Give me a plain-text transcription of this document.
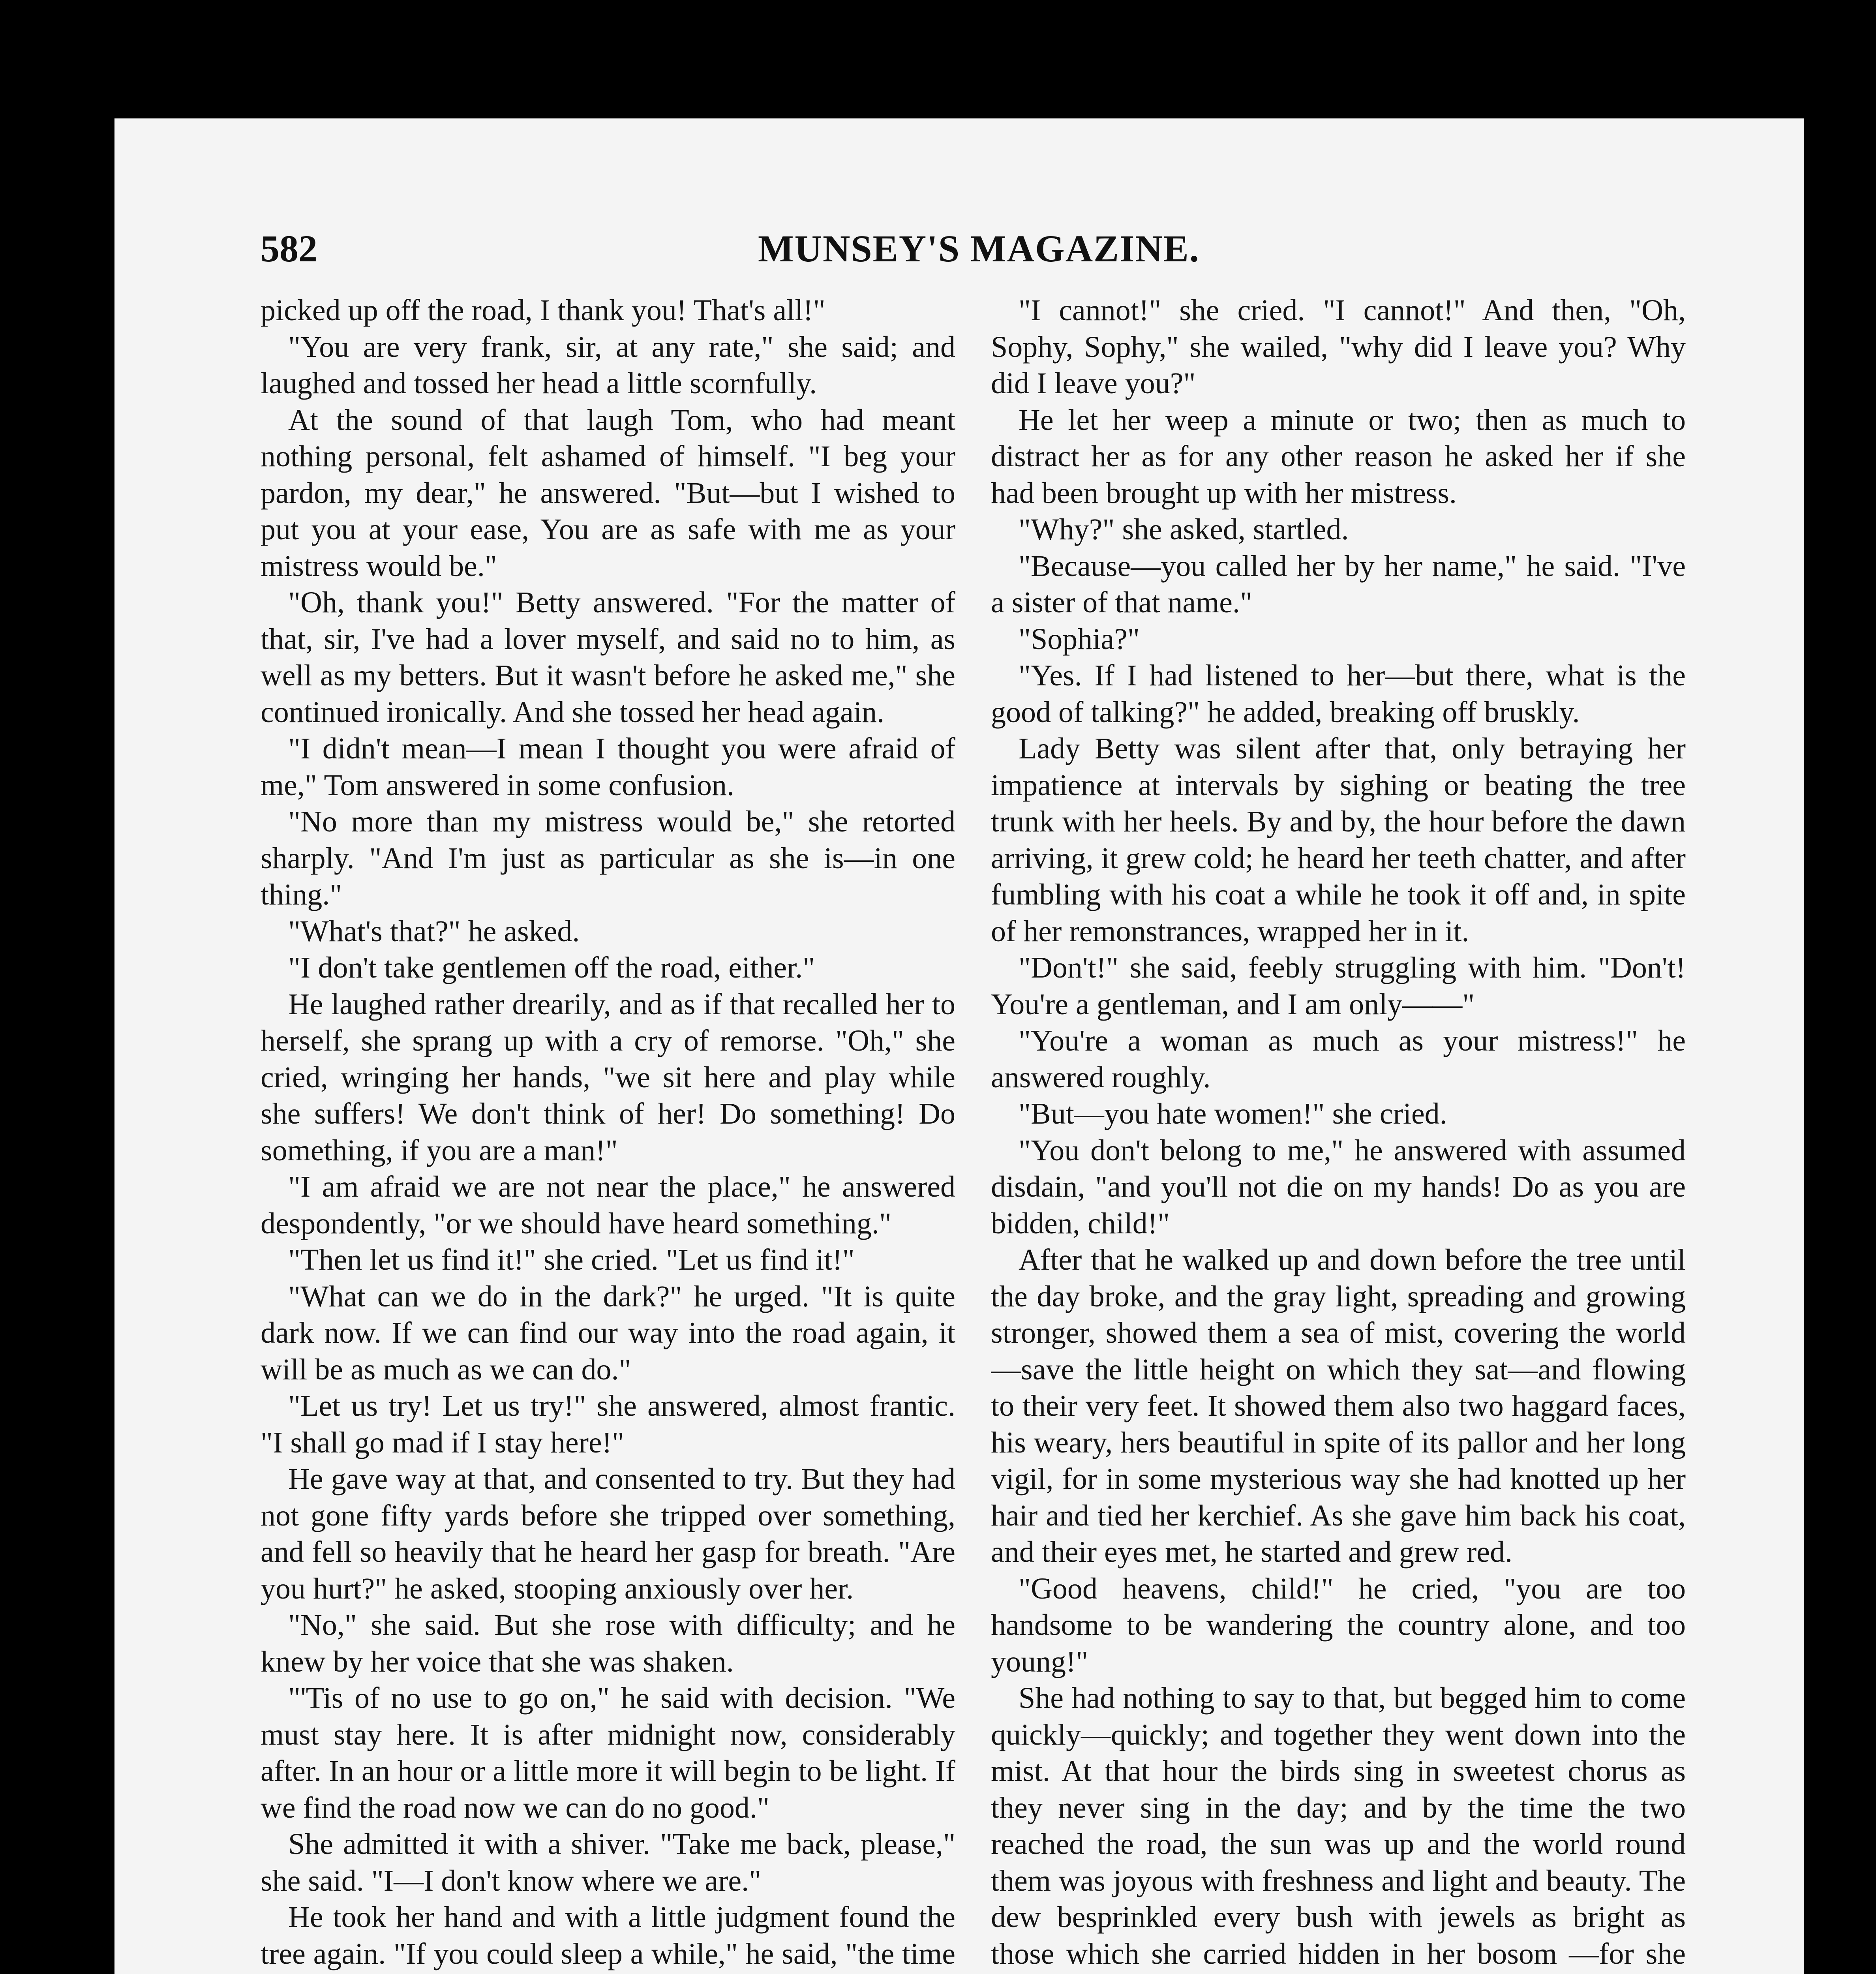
582	MUNSEY'S MAGAZINE.

picked up off the road, I thank you! That's all!"

"You are very frank, sir, at any rate," she said; and laughed and tossed her head a little scornfully.

At the sound of that laugh Tom, who had meant nothing personal, felt ashamed of himself. "I beg your pardon, my dear," he answered. "But—but I wished to put you at your ease, You are as safe with me as your mistress would be."

"Oh, thank you!" Betty answered. "For the matter of that, sir, I've had a lover myself, and said no to him, as well as my betters. But it wasn't before he asked me," she continued ironically. And she tossed her head again.

"I didn't mean—I mean I thought you were afraid of me," Tom answered in some confusion.

"No more than my mistress would be," she retorted sharply. "And I'm just as particular as she is—in one thing."

"What's that?" he asked.

"I don't take gentlemen off the road, either."

He laughed rather drearily, and as if that recalled her to herself, she sprang up with a cry of remorse. "Oh," she cried, wringing her hands, "we sit here and play while she suffers! We don't think of her! Do something! Do something, if you are a man!"

"I am afraid we are not near the place," he answered despondently, "or we should have heard something."

"Then let us find it!" she cried. "Let us find it!"

"What can we do in the dark?" he urged. "It is quite dark now. If we can find our way into the road again, it will be as much as we can do."

"Let us try! Let us try!" she answered, almost frantic. "I shall go mad if I stay here!"

He gave way at that, and consented to try. But they had not gone fifty yards before she tripped over something, and fell so heavily that he heard her gasp for breath. "Are you hurt?" he asked, stooping anxiously over her.

"No," she said. But she rose with difficulty; and he knew by her voice that she was shaken.

"'Tis of no use to go on," he said with decision. "We must stay here. It is after midnight now, considerably after. In an hour or a little more it will begin to be light. If we find the road now we can do no good."

She admitted it with a shiver. "Take me back, please," she said. "I—I don't know where we are."

He took her hand and with a little judgment found the tree again. "If you could sleep a while," he said, "the time

"I cannot!" she cried. "I cannot!" And then, "Oh, Sophy, Sophy," she wailed, "why did I leave you? Why did I leave you?"

He let her weep a minute or two; then as much to distract her as for any other reason he asked her if she had been brought up with her mistress.

"Why?" she asked, startled.

"Because—you called her by her name," he said. "I've a sister of that name."

"Sophia?"

"Yes. If I had listened to her—but there, what is the good of talking?" he added, breaking off bruskly.

Lady Betty was silent after that, only betraying her impatience at intervals by sighing or beating the tree trunk with her heels. By and by, the hour before the dawn arriving, it grew cold; he heard her teeth chatter, and after fumbling with his coat a while he took it off and, in spite of her remonstrances, wrapped her in it.

"Don't!" she said, feebly struggling with him. "Don't! You're a gentleman, and I am only——"

"You're a woman as much as your mistress!" he answered roughly.

"But—you hate women!" she cried.

"You don't belong to me," he answered with assumed disdain, "and you'll not die on my hands! Do as you are bidden, child!"

After that he walked up and down before the tree until the day broke, and the gray light, spreading and growing stronger, showed them a sea of mist, covering the world—save the little height on which they sat—and flowing to their very feet. It showed them also two haggard faces, his weary, hers beautiful in spite of its pallor and her long vigil, for in some mysterious way she had knotted up her hair and tied her kerchief. As she gave him back his coat, and their eyes met, he started and grew red.

"Good heavens, child!" he cried, "you are too handsome to be wandering the country alone, and too young!"

She had nothing to say to that, but begged him to come quickly—quickly; and together they went down into the mist. At that hour the birds sing in sweetest chorus as they never sing in the day; and by the time the two reached the road, the sun was up and the world round them was joyous with freshness and light and beauty. The dew besprinkled every bush with jewels as bright as those which she carried hidden in her bosom —for she
